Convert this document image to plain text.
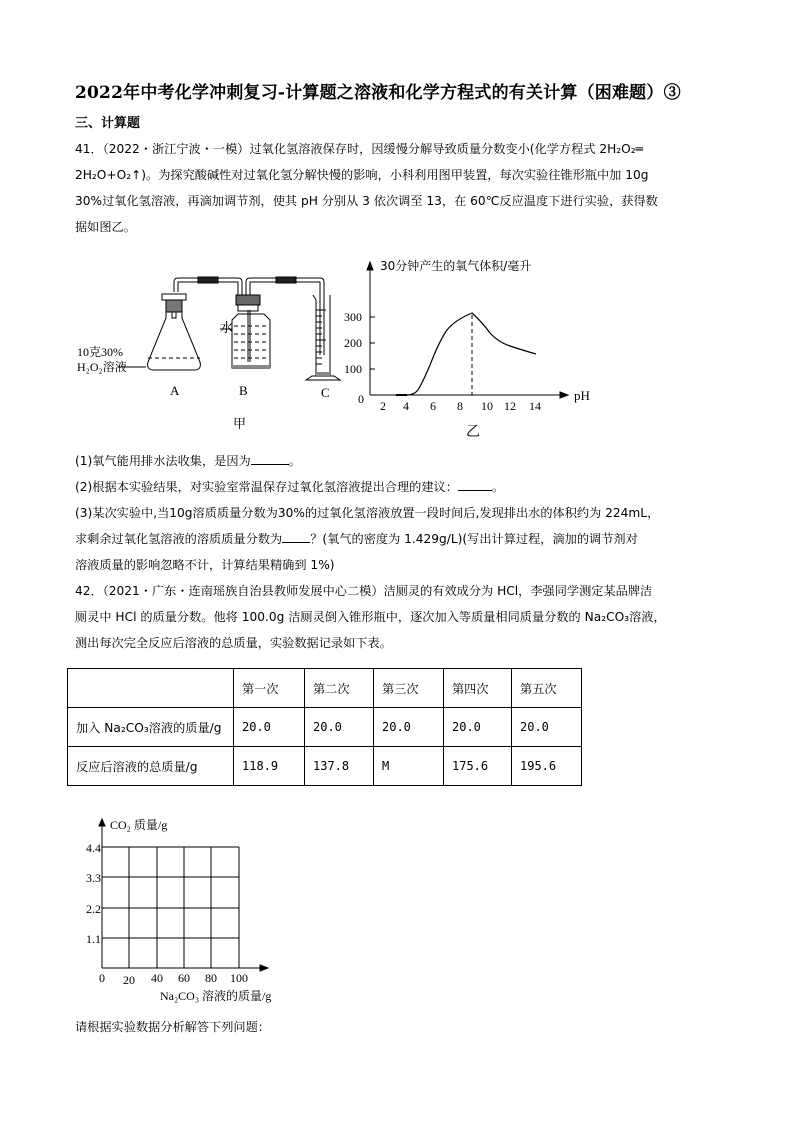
2022年中考化学冲刺复习-计算题之溶液和化学方程式的有关计算（困难题）③
三、计算题

41．（2022・浙江宁波・一模）过氧化氢溶液保存时，因缓慢分解导致质量分数变小(化学方程式 2H₂O₂═

2H₂O+O₂↑)。为探究酸碱性对过氧化氢分解快慢的影响，小科利用图甲装置，每次实验往锥形瓶中加 10g

30%过氧化氢溶液，再滴加调节剂，使其 pH 分别从 3 依次调至 13，在 60℃反应温度下进行实验，获得数

据如图乙。

水
10克30%
H₂O₂溶液
A	B	C
甲
30分钟产生的氧气体积/毫升
300
200
100
0 2 4 6 8 10 12 14
pH
乙

(1)氧气能用排水法收集，是因为	。

(2)根据本实验结果，对实验室常温保存过氧化氢溶液提出合理的建议：	。

(3)某次实验中,当10g溶质质量分数为30%的过氧化氢溶液放置一段时间后,发现排出水的体积约为 224mL，

求剩余过氧化氢溶液的溶质质量分数为 ？(氧气的密度为 1.429g/L)(写出计算过程，滴加的调节剂对

溶液质量的影响忽略不计，计算结果精确到 1%)

42．（2021・广东・连南瑶族自治县教师发展中心二模）洁厕灵的有效成分为 HCl，李强同学测定某品牌洁

厕灵中 HCl 的质量分数。他将 100.0g 洁厕灵倒入锥形瓶中，逐次加入等质量相同质量分数的 Na₂CO₃溶液，

测出每次完全反应后溶液的总质量，实验数据记录如下表。

	第一次	第二次	第三次	第四次	第五次
加入 Na₂CO₃溶液的质量/g	20.0	20.0	20.0	20.0	20.0
反应后溶液的总质量/g	118.9	137.8	M	175.6	195.6
CO₂ 质量/g
4.4
3.3
2.2
1.1
0 20 40 60 80 100
Na₂CO₃ 溶液的质量/g

请根据实验数据分析解答下列问题：
